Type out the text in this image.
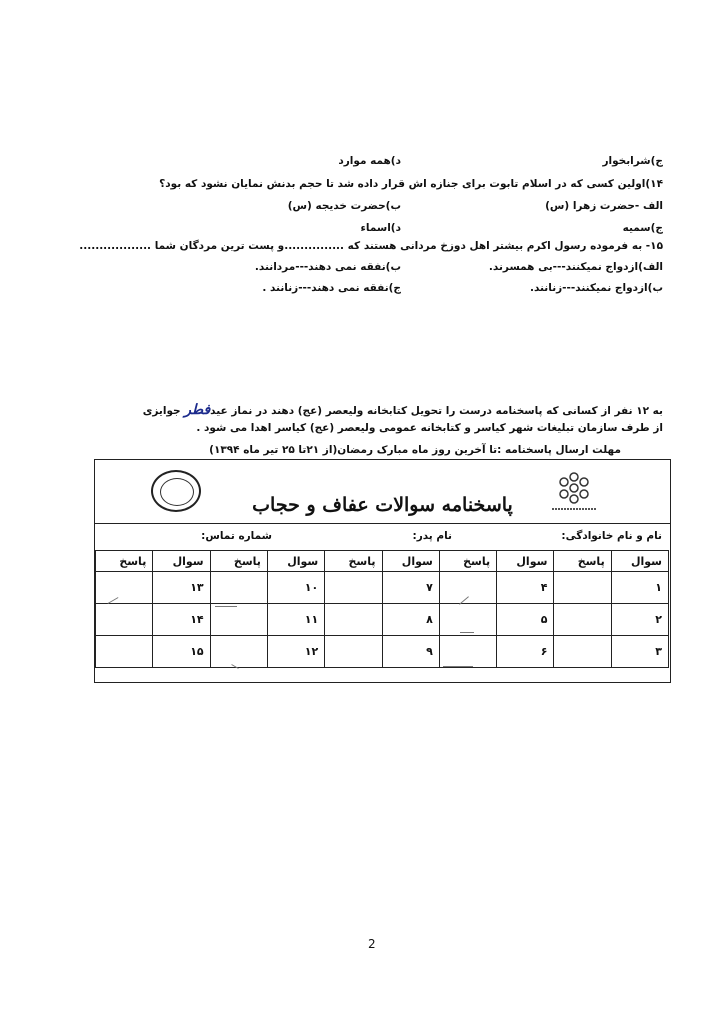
ج)شرابخوار
د)همه موارد
۱۴)اولین کسی که در اسلام تابوت برای جنازه اش قرار داده شد تا حجم بدنش نمایان نشود که بود؟
الف -حضرت زهرا (س)
ب)حضرت خدیجه (س)
ج)سمیه
د)اسماء
۱۵- به فرموده رسول اکرم بیشتر اهل دوزخ مردانی هستند که ...............و پست ترین مردگان شما ..................
الف)ازدواج نمیکنند---بی همسرند.
ب)نفقه نمی دهند---مردانند.
ب)ازدواج نمیکنند---زنانند.
ج)نفقه نمی دهند---زنانند .
به ۱۲ نفر از کسانی که پاسخنامه درست را تحویل کتابخانه ولیعصر (عج) دهند در نماز عیدفطر جوایزی
از طرف سازمان تبلیغات شهر کیاسر و کتابخانه عمومی ولیعصر (عج) کیاسر اهدا می شود .
مهلت ارسال پاسخنامه :تا آخرین روز ماه مبارک رمضان(از ۲۱تا ۲۵ تیر ماه ۱۳۹۴)
پاسخنامه سوالات عفاف و حجاب
نام و نام خانوادگی:
نام پدر:
شماره تماس:
سوال	پاسخ	سوال	پاسخ	سوال	پاسخ	سوال	پاسخ	سوال	پاسخ
۱		۴		۷		۱۰		۱۳	
۲		۵		۸		۱۱		۱۴	
۳		۶		۹		۱۲		۱۵	
2
